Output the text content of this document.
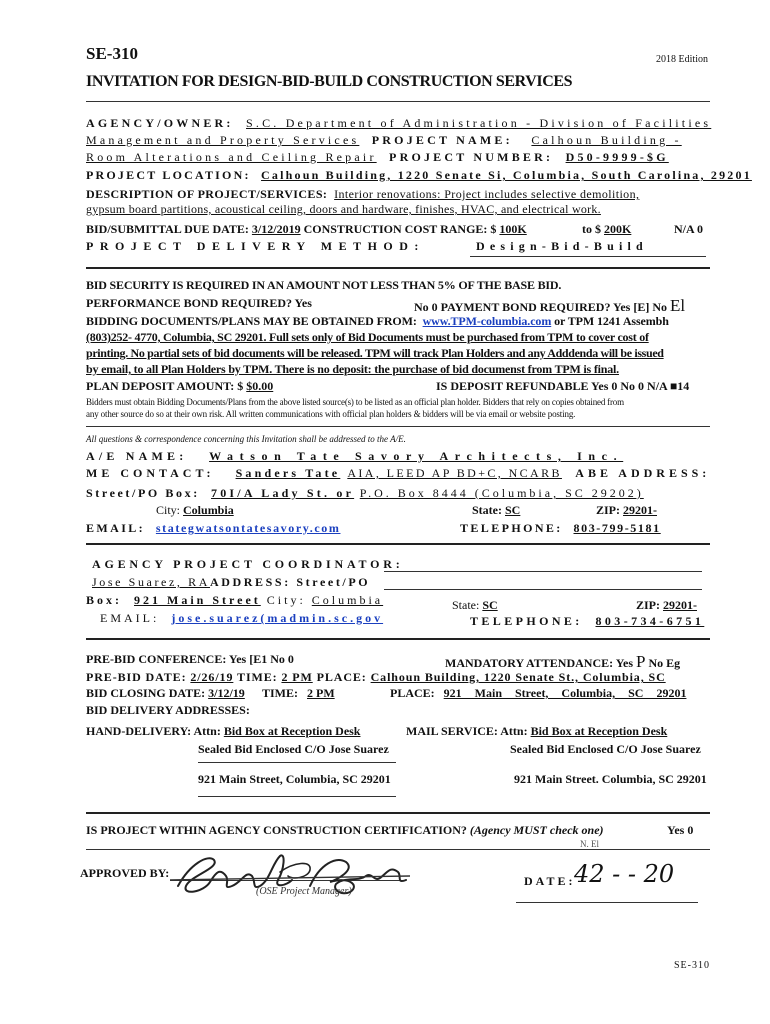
SE-310	2018 Edition
INVITATION FOR DESIGN-BID-BUILD CONSTRUCTION SERVICES
AGENCY/OWNER: S.C. Department of Administration - Division of Facilities
Management and Property Services PROJECT NAME: Calhoun Building -
Room Alterations and Ceiling Repair PROJECT NUMBER: D50-9999-$G
PROJECT LOCATION: Calhoun Building, 1220 Senate Si, Columbia, South Carolina, 29201
DESCRIPTION OF PROJECT/SERVICES: Interior renovations: Project includes selective demolition,
gypsum board partitions, acoustical ceiling, doors and hardware, finishes, HVAC, and electrical work.
BID/SUBMITTAL DUE DATE: 3/12/2019 CONSTRUCTION COST RANGE: $ 100K	to $ 200K	N/A 0
PROJECT DELIVERY METHOD:	Design-Bid-Build
BID SECURITY IS REQUIRED IN AN AMOUNT NOT LESS THAN 5% OF THE BASE BID.
PERFORMANCE BOND REQUIRED? Yes	No 0 PAYMENT BOND REQUIRED? Yes [E] No El
BIDDING DOCUMENTS/PLANS MAY BE OBTAINED FROM: www.TPM-columbia.com or TPM 1241 Assembh
(803)252- 4770, Columbia, SC 29201. Full sets only of Bid Documents must be purchased from TPM to cover cost of
printing. No partial sets of bid documents will be released. TPM will track Plan Holders and any Adddenda will be issued
by email, to all Plan Holders by TPM. There is no deposit: the purchase of bid documenst from TPM is final.
PLAN DEPOSIT AMOUNT: $ $0.00	IS DEPOSIT REFUNDABLE Yes 0 No 0 N/A ■14
Bidders must obtain Bidding Documents/Plans from the above listed source(s) to be listed as an official plan holder. Bidders that rely on copies obtained from
any other source do so at their own risk. All written communications with official plan holders & bidders will be via email or website posting.
All questions & correspondence concerning this Invitation shall be addressed to the A/E.
A/E NAME: Watson Tate Savory Architects, Inc.
ME CONTACT: Sanders Tate AIA, LEED AP BD+C, NCARB ABE ADDRESS:
Street/PO Box: 70I/A Lady St. or P.O. Box 8444 (Columbia, SC 29202)
City: Columbia	State: SC	ZIP: 29201-
EMAIL: stategwatsontatesavory.com	TELEPHONE: 803-799-5181
AGENCY PROJECT COORDINATOR:
Jose Suarez, RAADDRESS: Street/PO
Box: 921 Main Street City: Columbia	State: SC	ZIP: 29201-
EMAIL: jose.suarez(madmin.sc.gov	TELEPHONE: 803-734-6751
PRE-BID CONFERENCE: Yes [E1 No 0	MANDATORY ATTENDANCE: Yes P No Eg
PRE-BID DATE: 2/26/19 TIME: 2 PM PLACE: Calhoun Building, 1220 Senate St., Columbia, SC
BID CLOSING DATE: 3/12/19 TIME: 2 PM	PLACE: 921 Main Street, Columbia, SC 29201
BID DELIVERY ADDRESSES:
HAND-DELIVERY: Attn: Bid Box at Reception Desk
Sealed Bid Enclosed C/O Jose Suarez
921 Main Street, Columbia, SC 29201
MAIL SERVICE: Attn: Bid Box at Reception Desk
Sealed Bid Enclosed C/O Jose Suarez
921 Main Street. Columbia, SC 29201
IS PROJECT WITHIN AGENCY CONSTRUCTION CERTIFICATION? (Agency MUST check one)	Yes 0
N. El
APPROVED BY:
(OSE Project Manager)
DATE:
42 - - 20
SE-310
